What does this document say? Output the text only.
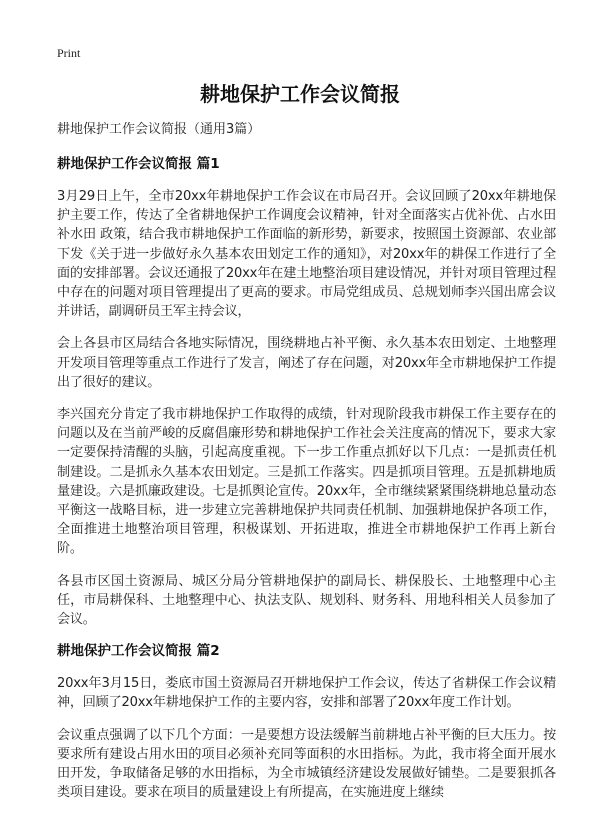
Print
耕地保护工作会议简报

耕地保护工作会议简报（通用3篇）

耕地保护工作会议简报 篇1

3月29日上午，全市20xx年耕地保护工作会议在市局召开。会议回顾了20xx年耕地保护主要工作，传达了全省耕地保护工作调度会议精神，针对全面落实占优补优、占水田补水田 政策，结合我市耕地保护工作面临的新形势，新要求，按照国土资源部、农业部下发《关于进一步做好永久基本农田划定工作的通知》，对20xx年的耕保工作进行了全面的安排部署。会议还通报了20xx年在建土地整治项目建设情况，并针对项目管理过程中存在的问题对项目管理提出了更高的要求。市局党组成员、总规划师李兴国出席会议并讲话，副调研员王军主持会议，

会上各县市区局结合各地实际情况，围绕耕地占补平衡、永久基本农田划定、土地整理开发项目管理等重点工作进行了发言，阐述了存在问题，对20xx年全市耕地保护工作提出了很好的建议。

李兴国充分肯定了我市耕地保护工作取得的成绩，针对现阶段我市耕保工作主要存在的问题以及在当前严峻的反腐倡廉形势和耕地保护工作社会关注度高的情况下，要求大家一定要保持清醒的头脑，引起高度重视。下一步工作重点抓好以下几点：一是抓责任机制建设。二是抓永久基本农田划定。三是抓工作落实。四是抓项目管理。五是抓耕地质量建设。六是抓廉政建设。七是抓舆论宣传。20xx年，全市继续紧紧围绕耕地总量动态平衡这一战略目标，进一步建立完善耕地保护共同责任机制、加强耕地保护各项工作，全面推进土地整治项目管理，积极谋划、开拓进取，推进全市耕地保护工作再上新台阶。

各县市区国土资源局、城区分局分管耕地保护的副局长、耕保股长、土地整理中心主任，市局耕保科、土地整理中心、执法支队、规划科、财务科、用地科相关人员参加了会议。

耕地保护工作会议简报 篇2

20xx年3月15日，娄底市国土资源局召开耕地保护工作会议，传达了省耕保工作会议精神，回顾了20xx年耕地保护工作的主要内容，安排和部署了20xx年度工作计划。

会议重点强调了以下几个方面：一是要想方设法缓解当前耕地占补平衡的巨大压力。按要求所有建设占用水田的项目必须补充同等面积的水田指标。为此，我市将全面开展水田开发，争取储备足够的水田指标，为全市城镇经济建设发展做好铺垫。二是要狠抓各类项目建设。要求在项目的质量建设上有所提高，在实施进度上继续
